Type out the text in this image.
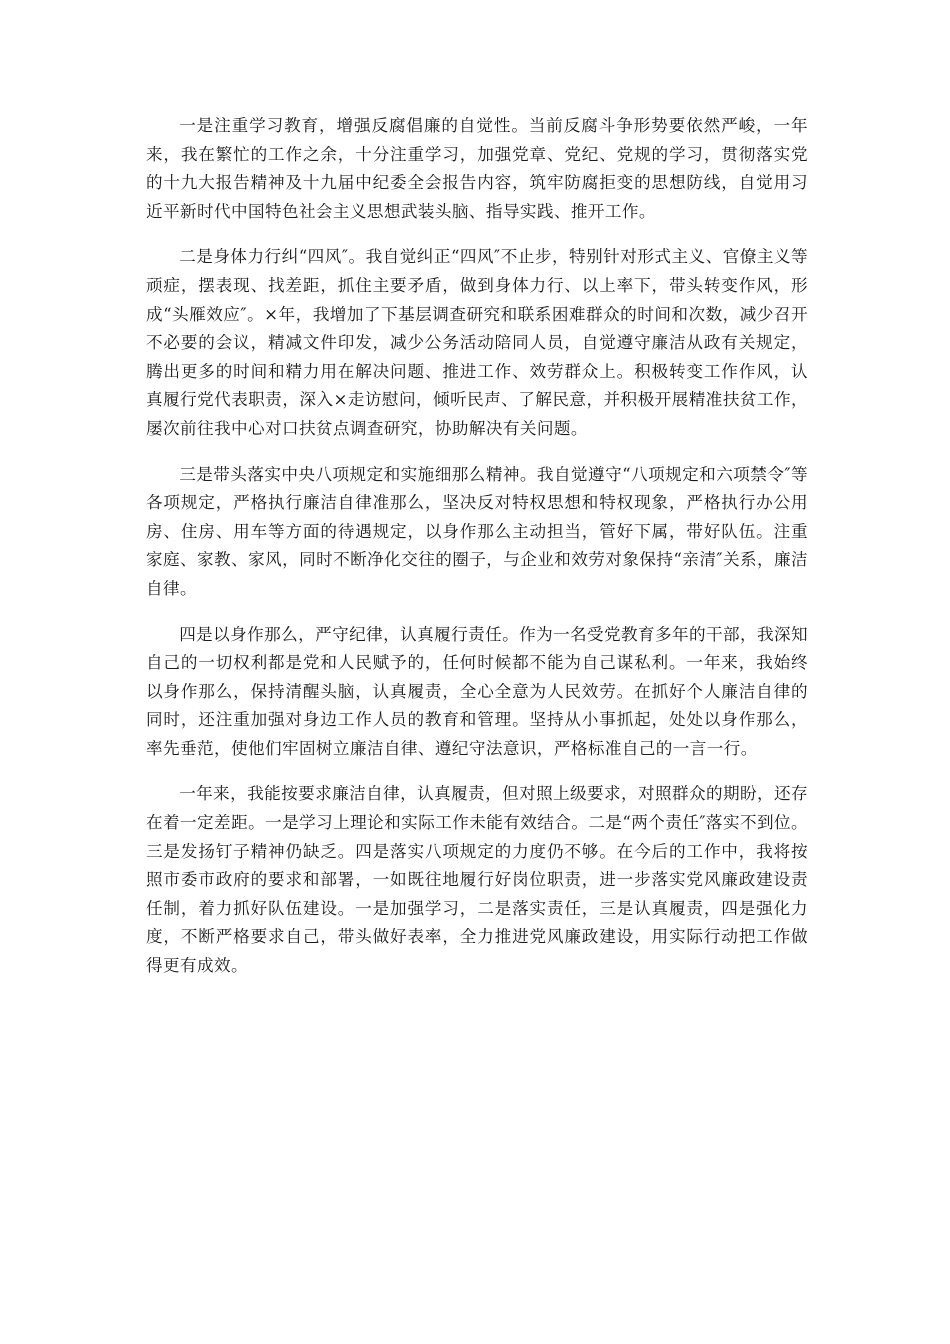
一是注重学习教育，增强反腐倡廉的自觉性。当前反腐斗争形势要依然严峻，一年来，我在繁忙的工作之余，十分注重学习，加强党章、党纪、党规的学习，贯彻落实党的十九大报告精神及十九届中纪委全会报告内容，筑牢防腐拒变的思想防线，自觉用习近平新时代中国特色社会主义思想武装头脑、指导实践、推开工作。

二是身体力行纠“四风″。我自觉纠正“四风″不止步，特别针对形式主义、官僚主义等顽症，摆表现、找差距，抓住主要矛盾，做到身体力行、以上率下，带头转变作风，形成“头雁效应″。×年，我增加了下基层调查研究和联系困难群众的时间和次数，减少召开不必要的会议，精减文件印发，减少公务活动陪同人员，自觉遵守廉洁从政有关规定，腾出更多的时间和精力用在解决问题、推进工作、效劳群众上。积极转变工作作风，认真履行党代表职责，深入×走访慰问，倾听民声、了解民意，并积极开展精准扶贫工作，屡次前往我中心对口扶贫点调查研究，协助解决有关问题。

三是带头落实中央八项规定和实施细那么精神。我自觉遵守“八项规定和六项禁令″等各项规定，严格执行廉洁自律准那么，坚决反对特权思想和特权现象，严格执行办公用房、住房、用车等方面的待遇规定，以身作那么主动担当，管好下属，带好队伍。注重家庭、家教、家风，同时不断净化交往的圈子，与企业和效劳对象保持“亲清″关系，廉洁自律。

四是以身作那么，严守纪律，认真履行责任。作为一名受党教育多年的干部，我深知自己的一切权利都是党和人民赋予的，任何时候都不能为自己谋私利。一年来，我始终以身作那么，保持清醒头脑，认真履责，全心全意为人民效劳。在抓好个人廉洁自律的同时，还注重加强对身边工作人员的教育和管理。坚持从小事抓起，处处以身作那么，率先垂范，使他们牢固树立廉洁自律、遵纪守法意识，严格标准自己的一言一行。

一年来，我能按要求廉洁自律，认真履责，但对照上级要求，对照群众的期盼，还存在着一定差距。一是学习上理论和实际工作未能有效结合。二是“两个责任″落实不到位。三是发扬钉子精神仍缺乏。四是落实八项规定的力度仍不够。在今后的工作中，我将按照市委市政府的要求和部署，一如既往地履行好岗位职责，进一步落实党风廉政建设责任制，着力抓好队伍建设。一是加强学习，二是落实责任，三是认真履责，四是强化力度，不断严格要求自己，带头做好表率，全力推进党风廉政建设，用实际行动把工作做得更有成效。
